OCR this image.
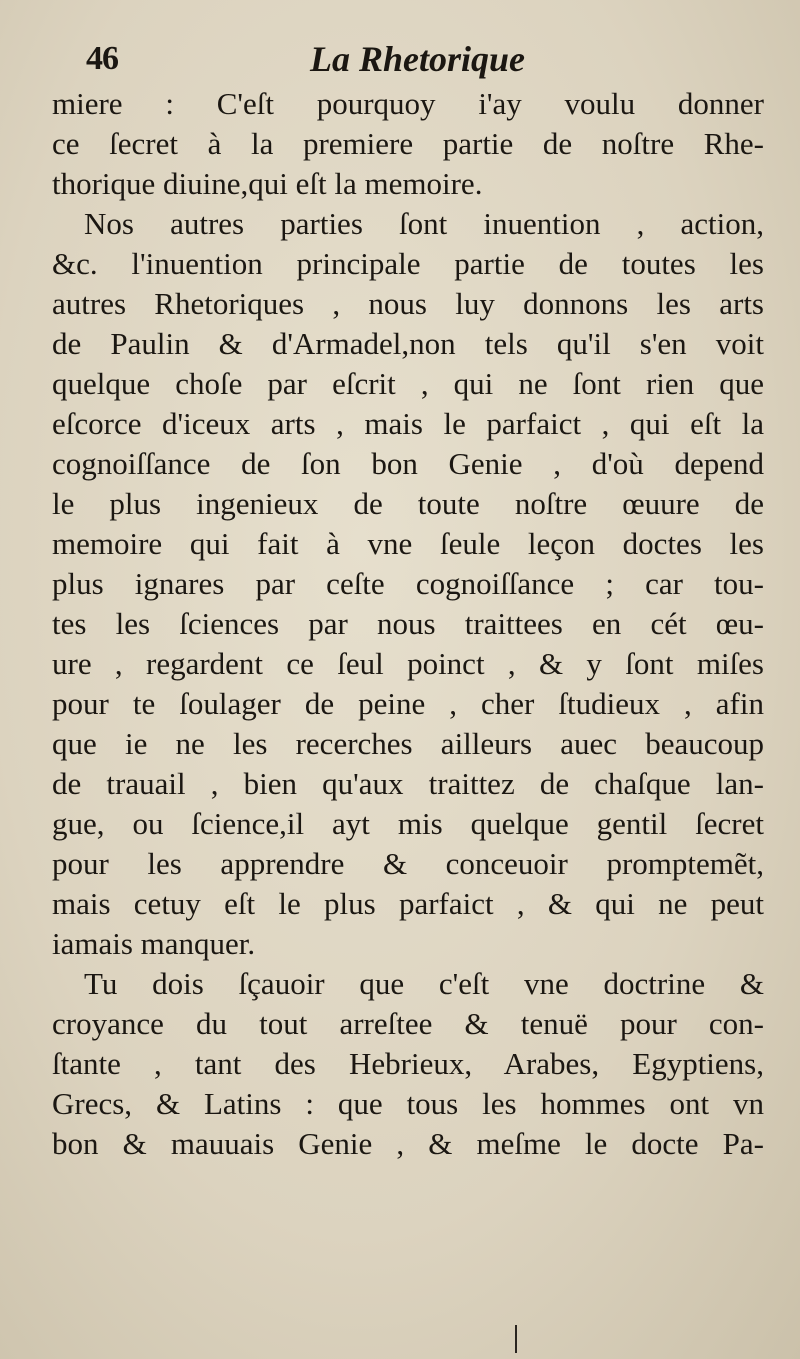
46	La Rhetorique
miere : C'eſt pourquoy i'ay voulu donner
ce ſecret à la premiere partie de noſtre Rhe-
thorique diuine,qui eſt la memoire.
Nos autres parties ſont inuention , action,
&c. l'inuention principale partie de toutes les
autres Rhetoriques , nous luy donnons les arts
de Paulin & d'Armadel,non tels qu'il s'en voit
quelque choſe par eſcrit , qui ne ſont rien que
eſcorce d'iceux arts , mais le parfaict , qui eſt la
cognoiſſance de ſon bon Genie , d'où depend
le plus ingenieux de toute noſtre œuure de
memoire qui fait à vne ſeule leçon doctes les
plus ignares par ceſte cognoiſſance ; car tou-
tes les ſciences par nous traittees en cét œu-
ure , regardent ce ſeul poinct , & y ſont miſes
pour te ſoulager de peine , cher ſtudieux , afin
que ie ne les recerches ailleurs auec beaucoup
de trauail , bien qu'aux traittez de chaſque lan-
gue, ou ſcience,il ayt mis quelque gentil ſecret
pour les apprendre & conceuoir promptemẽt,
mais cetuy eſt le plus parfaict , & qui ne peut
iamais manquer.
Tu dois ſçauoir que c'eſt vne doctrine &
croyance du tout arreſtee & tenuë pour con-
ſtante , tant des Hebrieux, Arabes, Egyptiens,
Grecs, & Latins : que tous les hommes ont vn
bon & mauuais Genie , & meſme le docte Pa-
